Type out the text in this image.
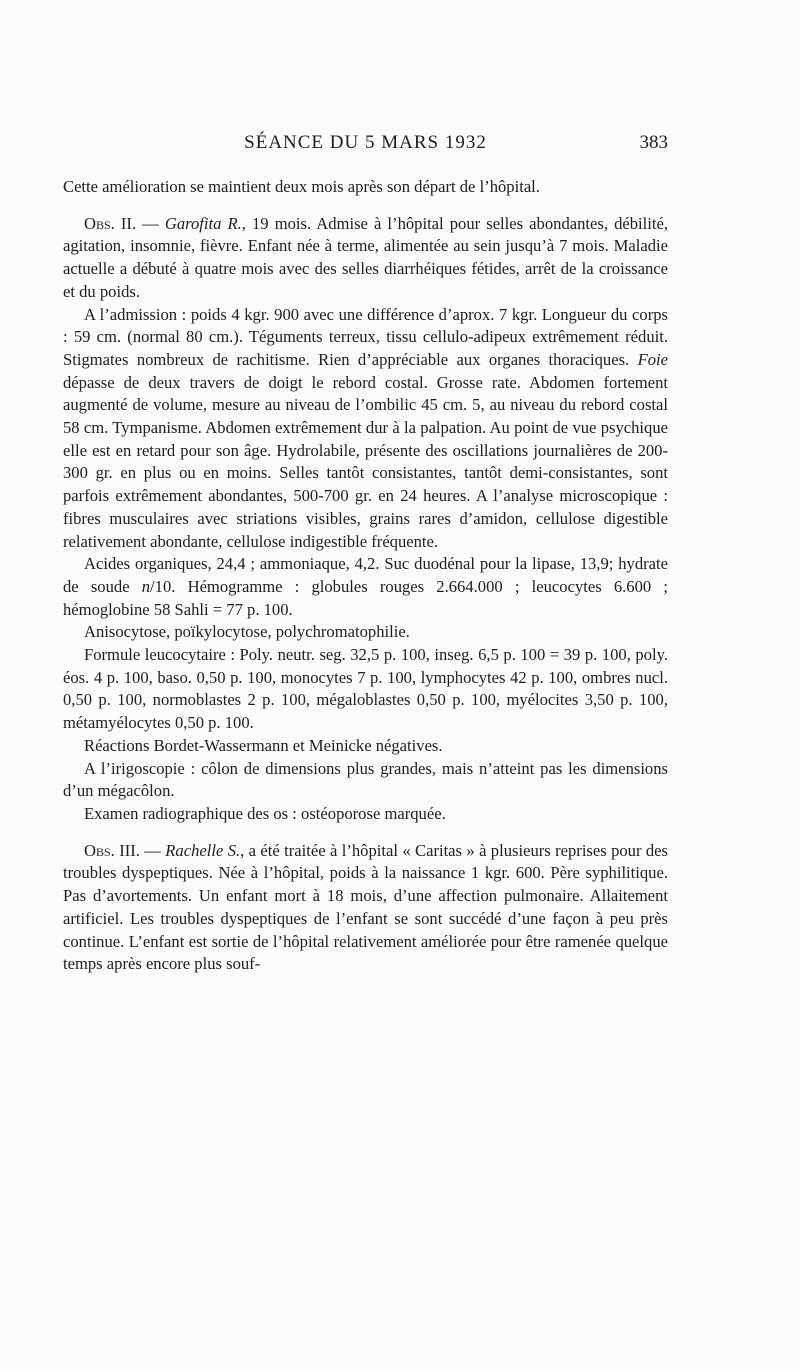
SÉANCE DU 5 MARS 1932	383

Cette amélioration se maintient deux mois après son départ de l’hôpital.

Obs. II. — Garofita R., 19 mois. Admise à l’hôpital pour selles abondantes, débilité, agitation, insomnie, fièvre. Enfant née à terme, alimentée au sein jusqu’à 7 mois. Maladie actuelle a débuté à quatre mois avec des selles diarrhéiques fétides, arrêt de la croissance et du poids.

A l’admission : poids 4 kgr. 900 avec une différence d’aprox. 7 kgr. Longueur du corps : 59 cm. (normal 80 cm.). Téguments terreux, tissu cellulo-adipeux extrêmement réduit. Stigmates nombreux de rachitisme. Rien d’appréciable aux organes thoraciques. Foie dépasse de deux travers de doigt le rebord costal. Grosse rate. Abdomen fortement augmenté de volume, mesure au niveau de l’ombilic 45 cm. 5, au niveau du rebord costal 58 cm. Tympanisme. Abdomen extrêmement dur à la palpation. Au point de vue psychique elle est en retard pour son âge. Hydrolabile, présente des oscillations journalières de 200-300 gr. en plus ou en moins. Selles tantôt consistantes, tantôt demi-consistantes, sont parfois extrêmement abondantes, 500-700 gr. en 24 heures. A l’analyse microscopique : fibres musculaires avec striations visibles, grains rares d’amidon, cellulose digestible relativement abondante, cellulose indigestible fréquente.

Acides organiques, 24,4 ; ammoniaque, 4,2. Suc duodénal pour la lipase, 13,9; hydrate de soude n/10. Hémogramme : globules rouges 2.664.000 ; leucocytes 6.600 ; hémoglobine 58 Sahli = 77 p. 100.

Anisocytose, poïkylocytose, polychromatophilie.

Formule leucocytaire : Poly. neutr. seg. 32,5 p. 100, inseg. 6,5 p. 100 = 39 p. 100, poly. éos. 4 p. 100, baso. 0,50 p. 100, monocytes 7 p. 100, lymphocytes 42 p. 100, ombres nucl. 0,50 p. 100, normoblastes 2 p. 100, mégaloblastes 0,50 p. 100, myélocites 3,50 p. 100, métamyélocytes 0,50 p. 100.

Réactions Bordet-Wassermann et Meinicke négatives.

A l’irigoscopie : côlon de dimensions plus grandes, mais n’atteint pas les dimensions d’un mégacôlon.

Examen radiographique des os : ostéoporose marquée.

Obs. III. — Rachelle S., a été traitée à l’hôpital « Caritas » à plusieurs reprises pour des troubles dyspeptiques. Née à l’hôpital, poids à la naissance 1 kgr. 600. Père syphilitique. Pas d’avortements. Un enfant mort à 18 mois, d’une affection pulmonaire. Allaitement artificiel. Les troubles dyspeptiques de l’enfant se sont succédé d’une façon à peu près continue. L’enfant est sortie de l’hôpital relativement améliorée pour être ramenée quelque temps après encore plus souf-
